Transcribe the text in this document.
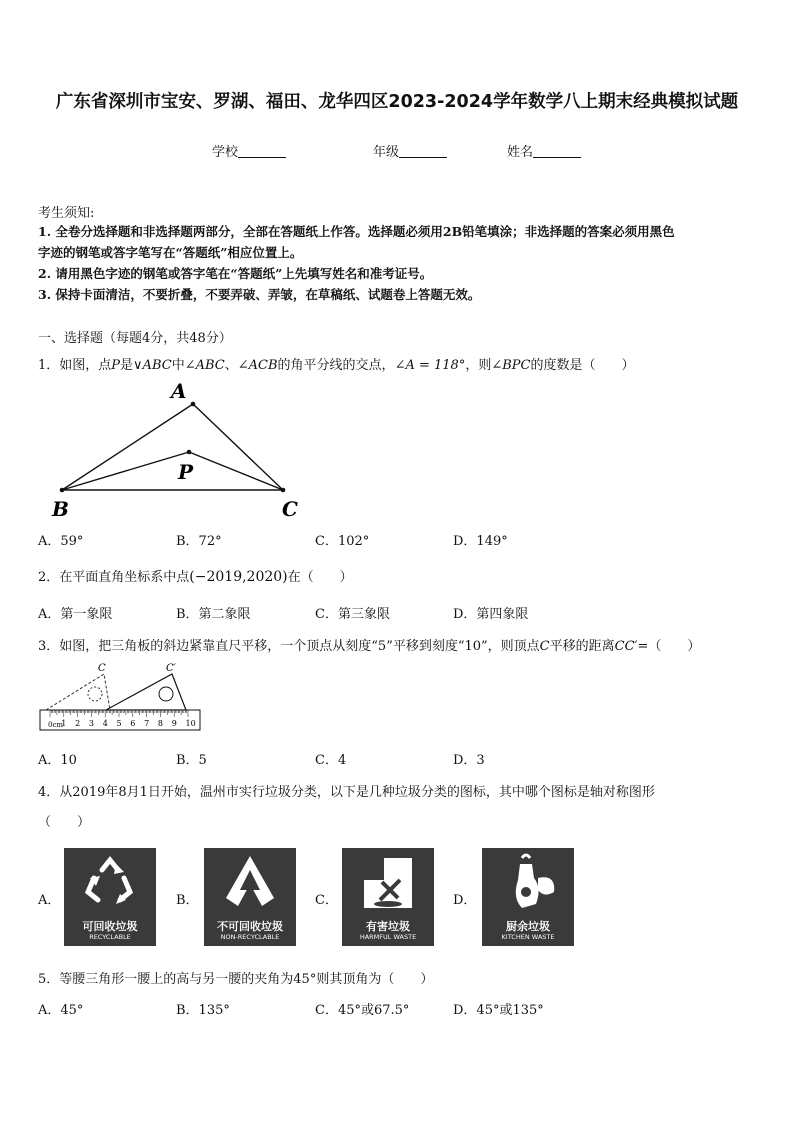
广东省深圳市宝安、罗湖、福田、龙华四区2023-2024学年数学八上期末经典模拟试题
学校	年级	姓名
考生须知:
1. 全卷分选择题和非选择题两部分，全部在答题纸上作答。选择题必须用2B铅笔填涂；非选择题的答案必须用黑色
字迹的钢笔或答字笔写在“答题纸”相应位置上。
2. 请用黑色字迹的钢笔或答字笔在“答题纸”上先填写姓名和准考证号。
3. 保持卡面清洁，不要折叠，不要弄破、弄皱，在草稿纸、试题卷上答题无效。
一、选择题（每题4分，共48分）
1．如图，点P是∨ABC中∠ABC、∠ACB的角平分线的交点，∠A = 118°，则∠BPC的度数是（　　）
A
P
B	C
A．59°	B．72°	C．102°	D．149°
2．在平面直角坐标系中点(−2019,2020)在（　　）
A．第一象限	B．第二象限	C．第三象限	D．第四象限
3．如图，把三角板的斜边紧靠直尺平移，一个顶点从刻度“5”平移到刻度“10”，则顶点C平移的距离CC′=（　　）
C	C′
1 2 3 4 5 6 7 8 9 10
0cm
A．10	B．5	C．4	D．3
4．从2019年8月1日开始，温州市实行垃圾分类，以下是几种垃圾分类的图标，其中哪个图标是轴对称图形
（　　）
A．	B．	C．	D．
可回收垃圾
RECYCLABLE
不可回收垃圾
NON-RECYCLABLE
有害垃圾
HARMFUL WASTE
厨余垃圾
KITCHEN WASTE
5．等腰三角形一腰上的高与另一腰的夹角为45°则其顶角为（　　）
A．45°	B．135°	C．45°或67.5°	D．45°或135°
